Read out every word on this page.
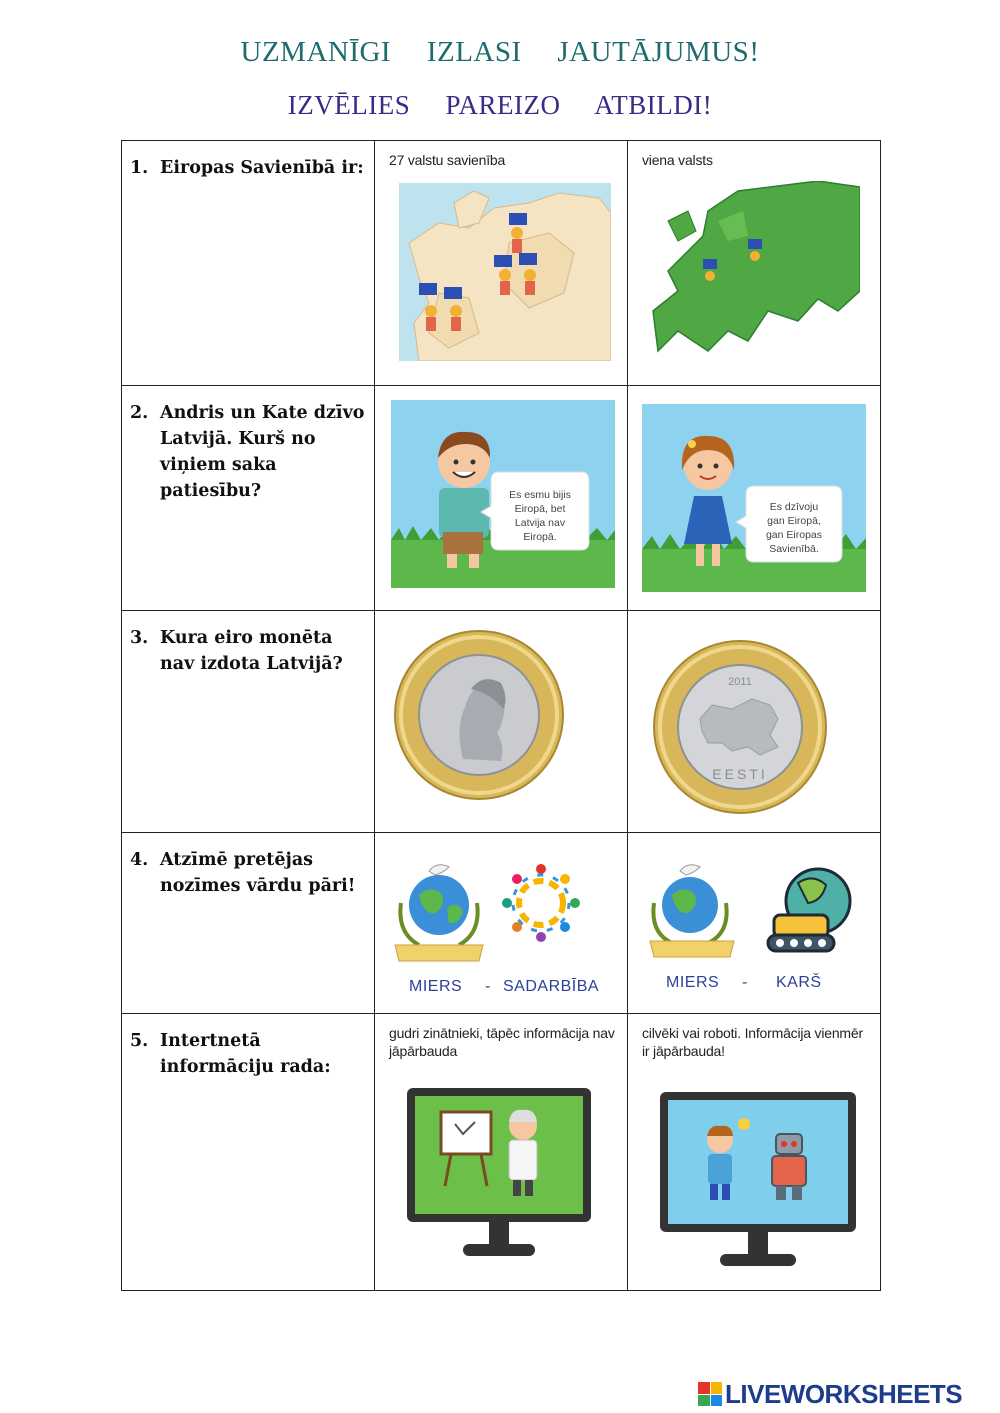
UZMANĪGI IZLASI JAUTĀJUMUS!
IZVĒLIES PAREIZO ATBILDI!
1. Eiropas Savienībā ir:	27 valstu savienība	viena valsts

2. Andris un Kate dzīvo Latvijā. Kurš no viņiem saka patiesību?	Es esmu bijis
Eiropā, bet
Latvija nav
Eiropā.	Es dzīvoju
gan Eiropā,
gan Eiropas
Savienībā.

3. Kura eiro monēta nav izdota Latvijā?		2011
EESTI

4. Atzīmē pretējas nozīmes vārdu pāri!	MIERS - SADARBĪBA	MIERS - KARŠ

5. Intertnetā informāciju rada:	gudri zinātnieki, tāpēc informācija nav jāpārbauda	cilvēki vai roboti. Informācija vienmēr ir jāpārbauda!
LIVEWORKSHEETS
